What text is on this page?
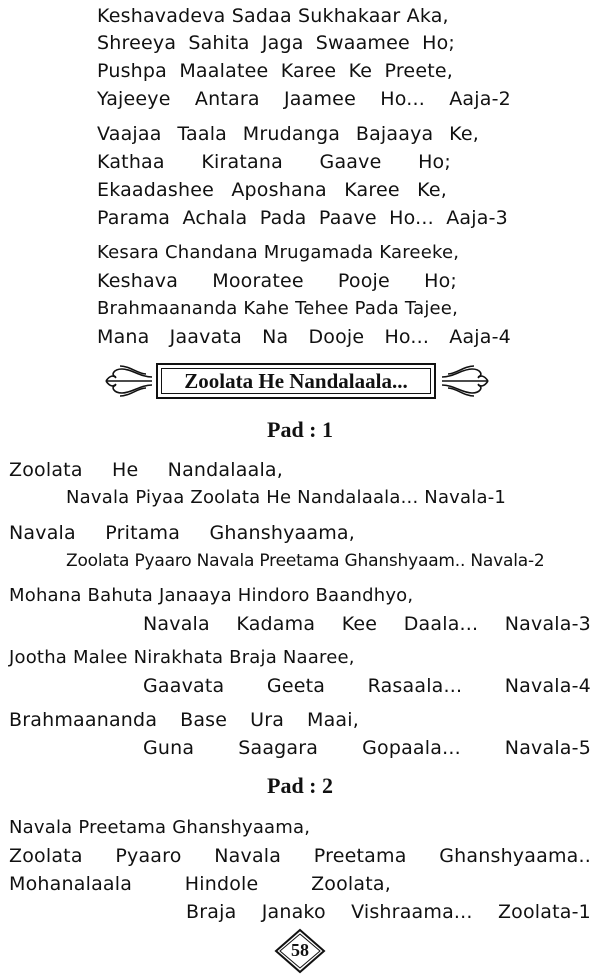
Keshavadeva Sadaa Sukhakaar Aka,
Shreeya Sahita Jaga Swaamee Ho;
Pushpa Maalatee Karee Ke Preete,
Yajeeye Antara Jaamee Ho... Aaja-2
Vaajaa Taala Mrudanga Bajaaya Ke,
Kathaa Kiratana Gaave Ho;
Ekaadashee Aposhana Karee Ke,
Parama Achala Pada Paave Ho... Aaja-3
Kesara Chandana Mrugamada Kareeke,
Keshava Mooratee Pooje Ho;
Brahmaananda Kahe Tehee Pada Tajee,
Mana Jaavata Na Dooje Ho... Aaja-4
Zoolata He Nandalaala...
Pad : 1
Zoolata He Nandalaala,
Navala Piyaa Zoolata He Nandalaala... Navala-1
Navala Pritama Ghanshyaama,
Zoolata Pyaaro Navala Preetama Ghanshyaam.. Navala-2
Mohana Bahuta Janaaya Hindoro Baandhyo,
Navala Kadama Kee Daala... Navala-3
Jootha Malee Nirakhata Braja Naaree,
Gaavata Geeta Rasaala... Navala-4
Brahmaananda Base Ura Maai,
Guna Saagara Gopaala... Navala-5
Pad : 2
Navala Preetama Ghanshyaama,
Zoolata Pyaaro Navala Preetama Ghanshyaama..
Mohanalaala	Hindole	Zoolata,
Braja Janako Vishraama... Zoolata-1
58
